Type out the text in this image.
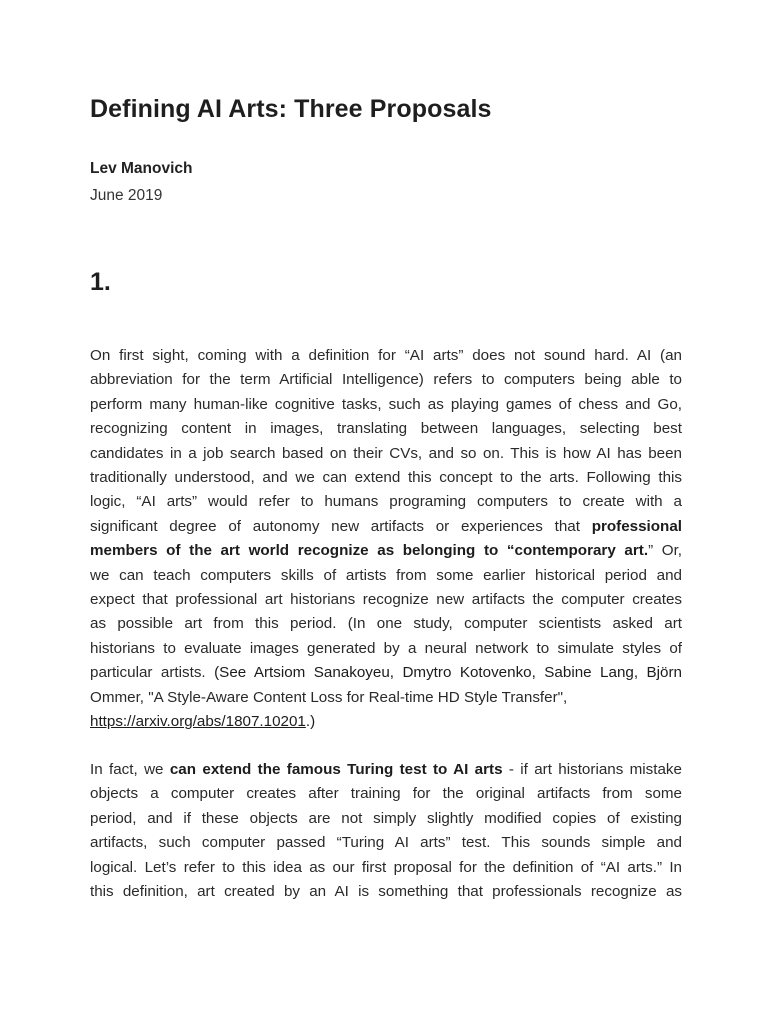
Defining AI Arts: Three Proposals
Lev Manovich
June 2019
1.
On first sight, coming with a definition for “AI arts” does not sound hard. AI (an
abbreviation for the term Artificial Intelligence) refers to computers being able to
perform many human-like cognitive tasks, such as playing games of chess and Go,
recognizing content in images, translating between languages, selecting best
candidates in a job search based on their CVs, and so on. This is how AI has been
traditionally understood, and we can extend this concept to the arts. Following this
logic, “AI arts” would refer to humans programing computers to create with a
significant degree of autonomy new artifacts or experiences that professional
members of the art world recognize as belonging to “contemporary art.” Or,
we can teach computers skills of artists from some earlier historical period and
expect that professional art historians recognize new artifacts the computer creates
as possible art from this period. (In one study, computer scientists asked art
historians to evaluate images generated by a neural network to simulate styles of
particular artists. (See Artsiom Sanakoyeu, Dmytro Kotovenko, Sabine Lang, Björn
Ommer, "A Style-Aware Content Loss for Real-time HD Style Transfer",
https://arxiv.org/abs/1807.10201.)
In fact, we can extend the famous Turing test to AI arts - if art historians mistake
objects a computer creates after training for the original artifacts from some
period, and if these objects are not simply slightly modified copies of existing
artifacts, such computer passed “Turing AI arts” test. This sounds simple and
logical. Let’s refer to this idea as our first proposal for the definition of “AI arts.” In
this definition, art created by an AI is something that professionals recognize as
